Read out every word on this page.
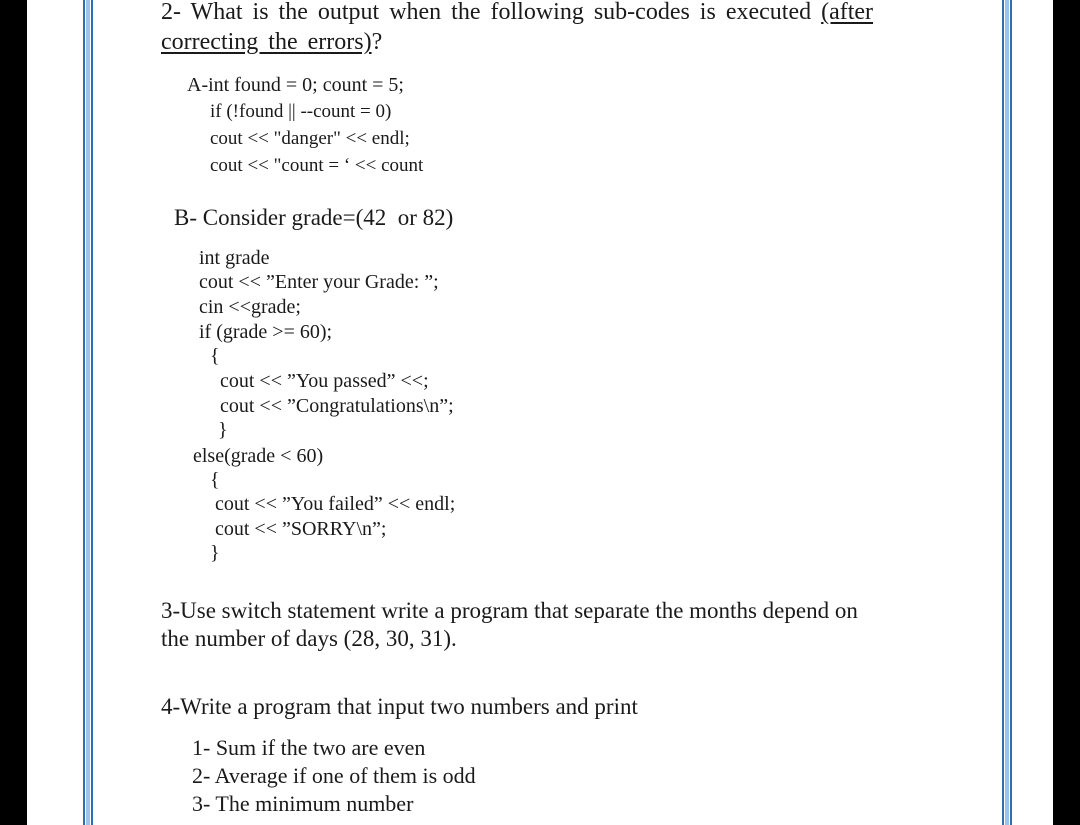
2- What is the output when the following sub-codes is executed (after
correcting the errors)?
A-int found = 0; count = 5;
if (!found || --count = 0)
cout << "danger" << endl;
cout << "count = ‘ << count
B- Consider grade=(42  or 82)
int grade
cout << ”Enter your Grade: ”;
cin <<grade;
if (grade >= 60);
{
cout << ”You passed” <<;
cout << ”Congratulations\n”;
}
else(grade < 60)
{
cout << ”You failed” << endl;
cout << ”SORRY\n”;
}
3-Use switch statement write a program that separate the months depend on
the number of days (28, 30, 31).
4-Write a program that input two numbers and print
1- Sum if the two are even
2- Average if one of them is odd
3- The minimum number
